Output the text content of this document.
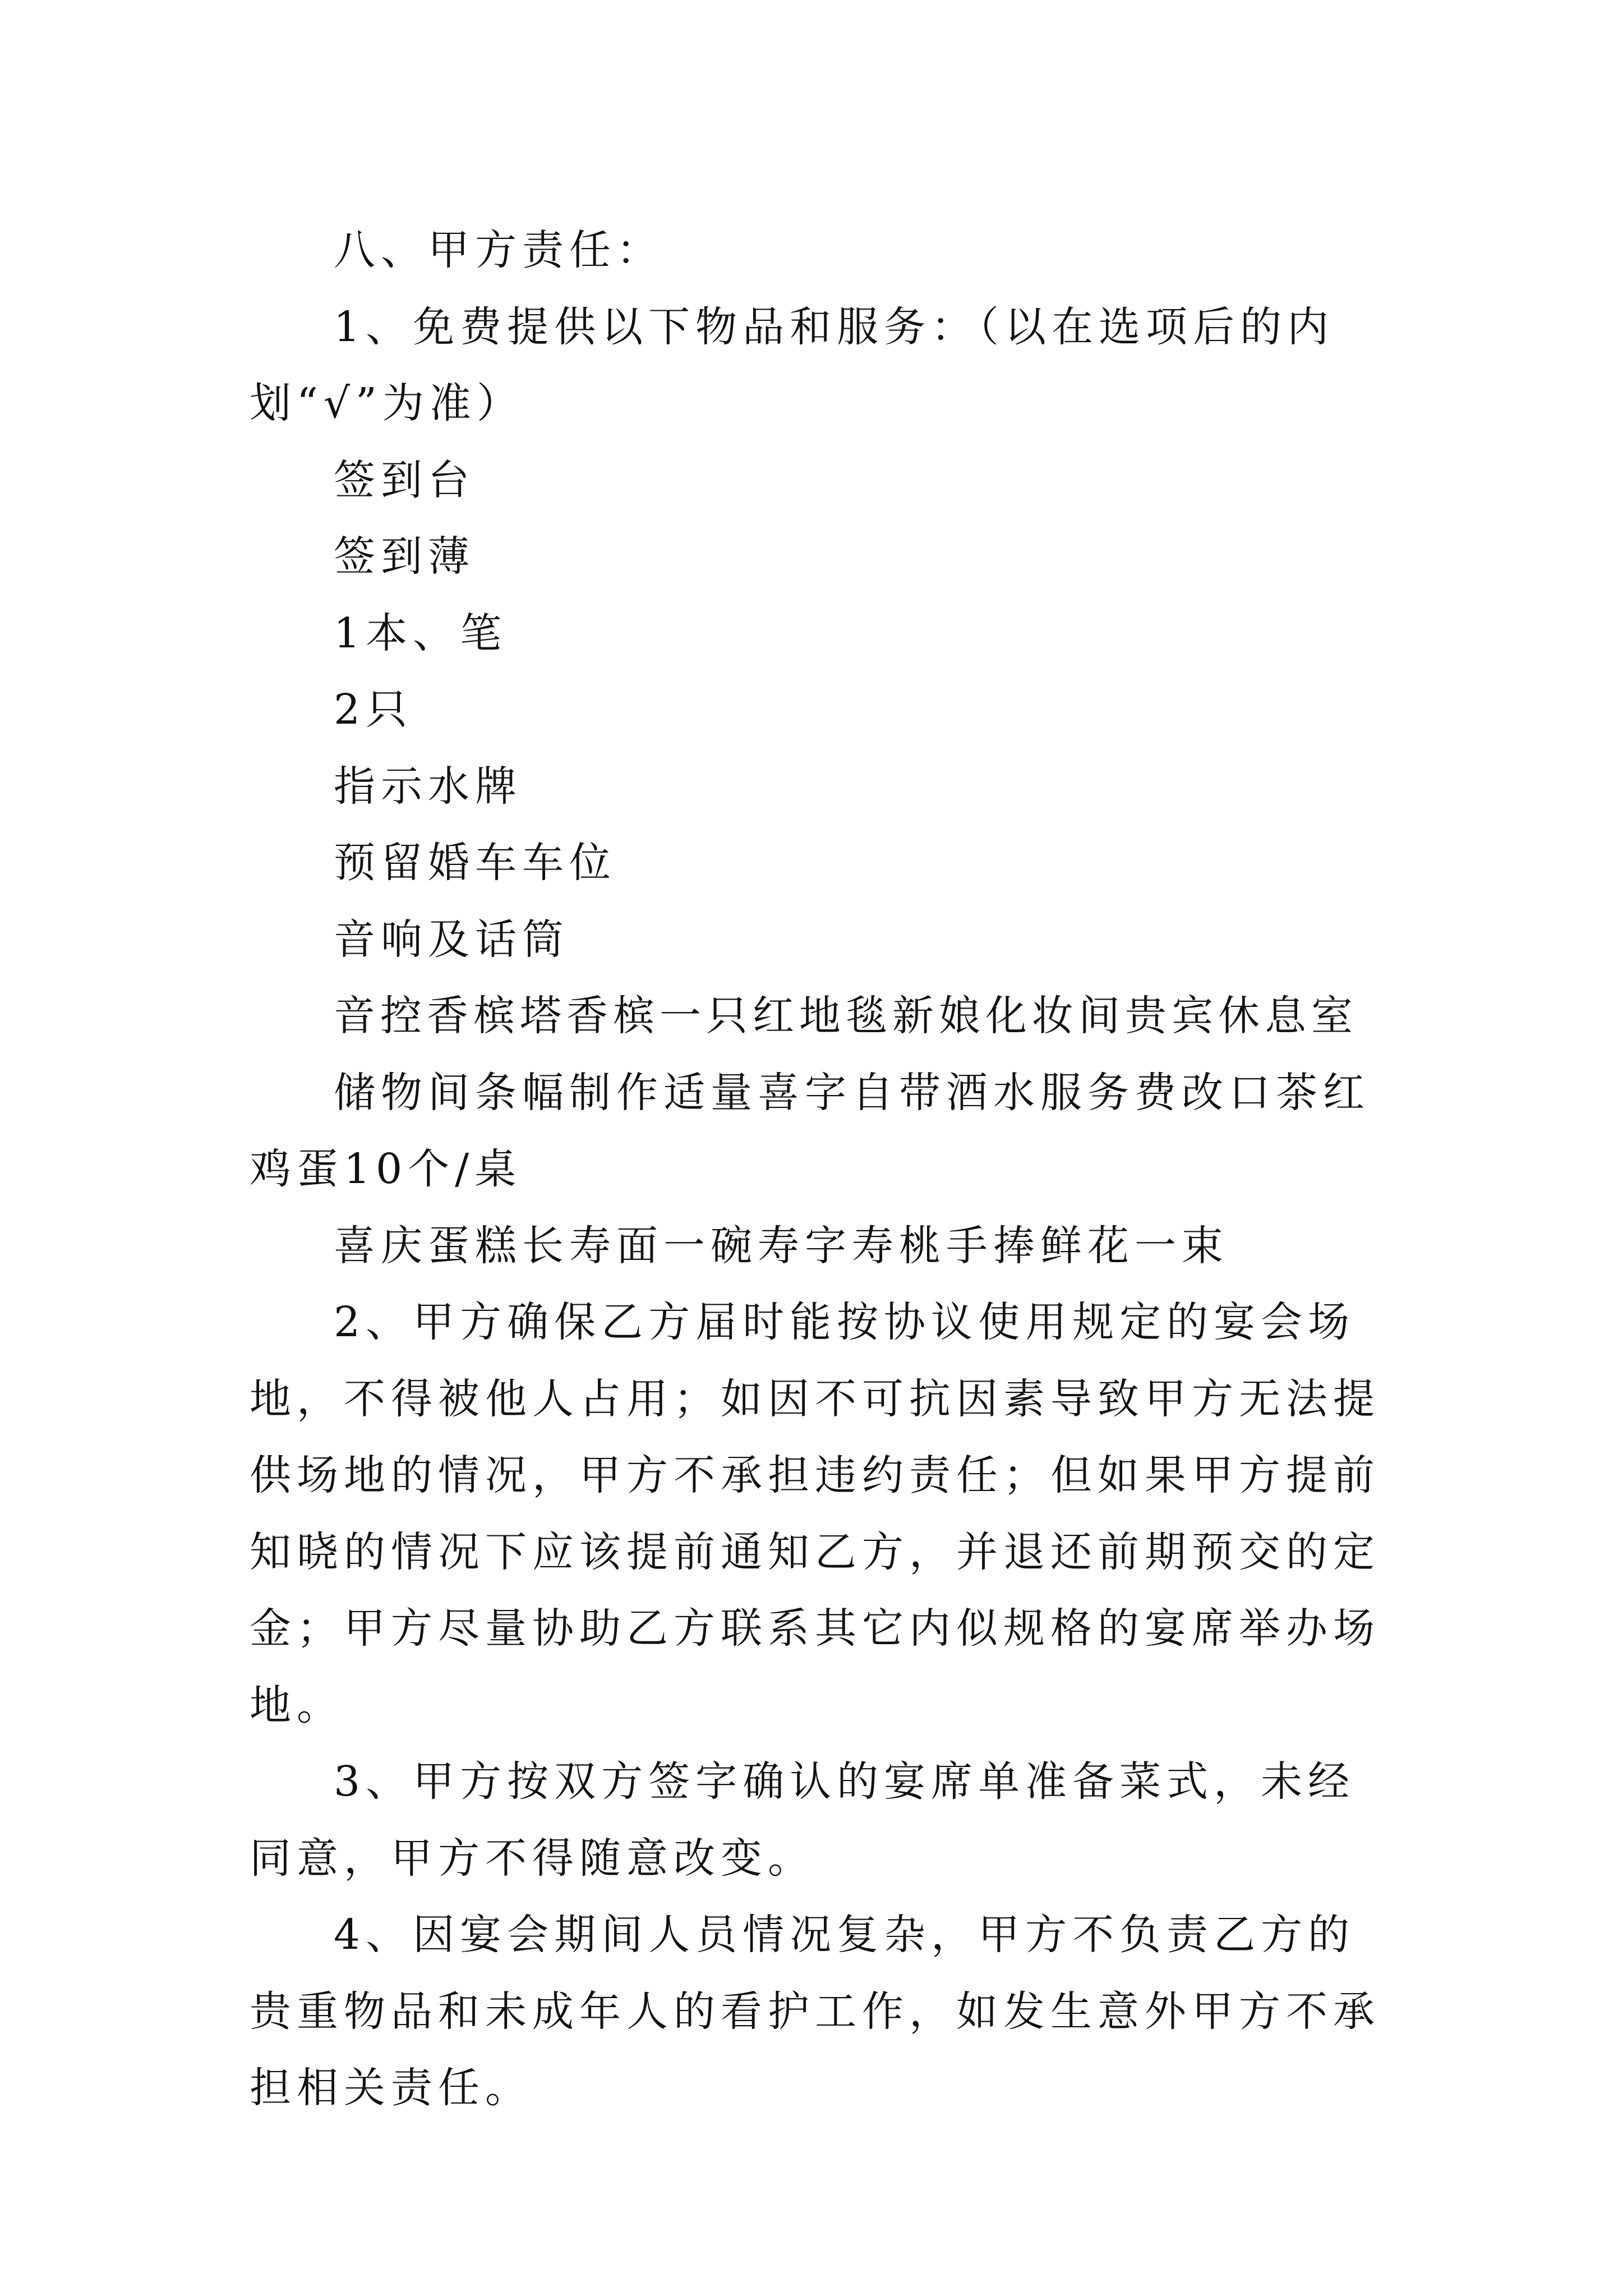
八、甲方责任：

1、免费提供以下物品和服务：（以在选项后的内划“√”为准）

签到台

签到薄

1本、笔

2只

指示水牌

预留婚车车位

音响及话筒

音控香槟塔香槟一只红地毯新娘化妆间贵宾休息室

储物间条幅制作适量喜字自带酒水服务费改口茶红鸡蛋10个/桌

喜庆蛋糕长寿面一碗寿字寿桃手捧鲜花一束

2、甲方确保乙方届时能按协议使用规定的宴会场地，不得被他人占用；如因不可抗因素导致甲方无法提供场地的情况，甲方不承担违约责任；但如果甲方提前知晓的情况下应该提前通知乙方，并退还前期预交的定金；甲方尽量协助乙方联系其它内似规格的宴席举办场地。

3、甲方按双方签字确认的宴席单准备菜式，未经同意，甲方不得随意改变。

4、因宴会期间人员情况复杂，甲方不负责乙方的贵重物品和未成年人的看护工作，如发生意外甲方不承担相关责任。
